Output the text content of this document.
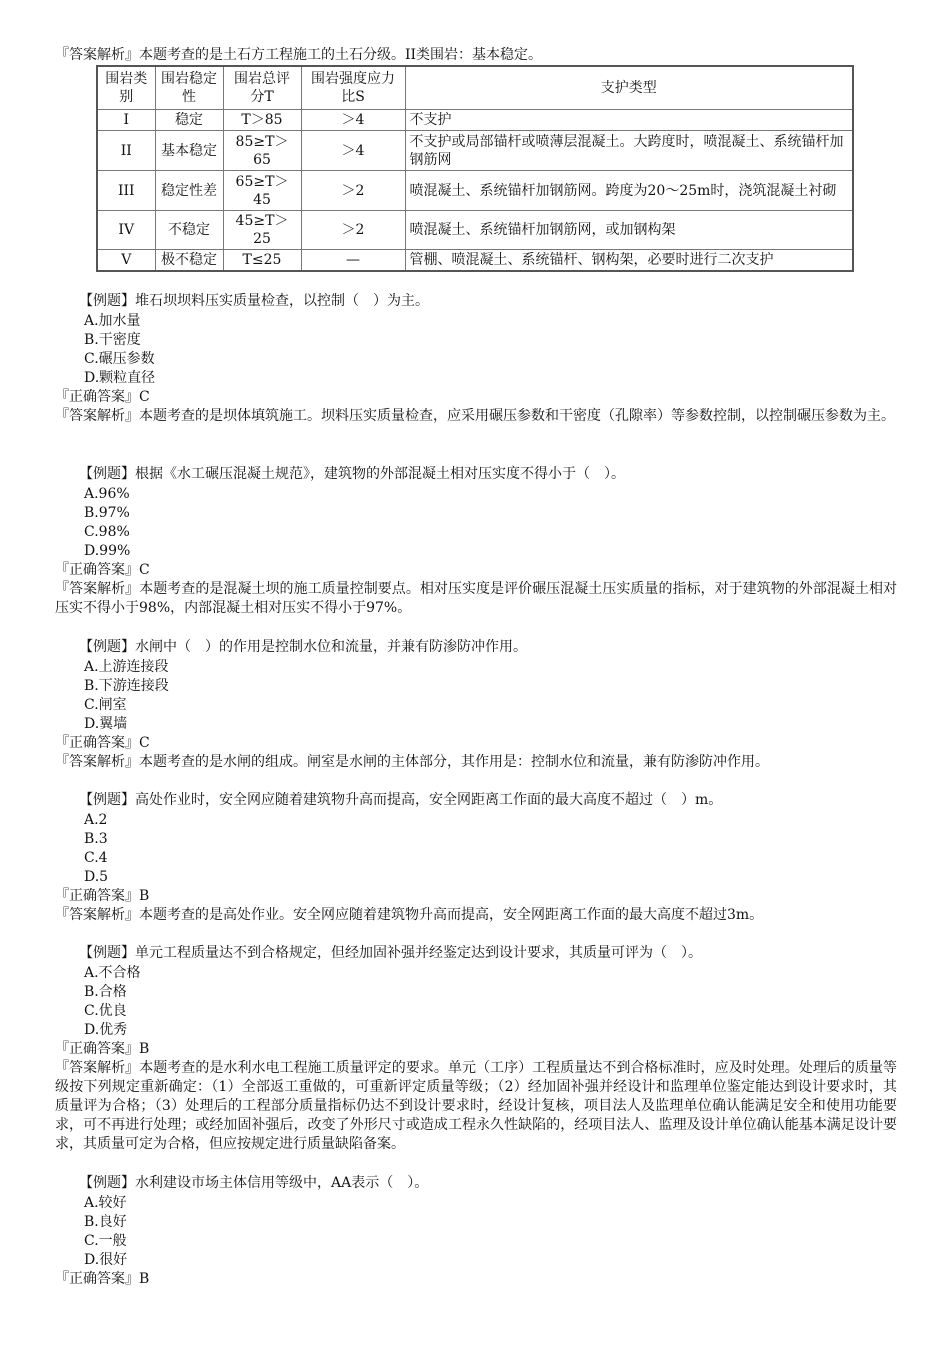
『答案解析』本题考查的是土石方工程施工的土石分级。II类围岩：基本稳定。
围岩类别	围岩稳定性	围岩总评分T	围岩强度应力比S	支护类型
I	稳定	T＞85	＞4	不支护
II	基本稳定	85≥T＞65	＞4	不支护或局部锚杆或喷薄层混凝土。大跨度时，喷混凝土、系统锚杆加钢筋网
III	稳定性差	65≥T＞45	＞2	喷混凝土、系统锚杆加钢筋网。跨度为20～25m时，浇筑混凝土衬砌
IV	不稳定	45≥T＞25	＞2	喷混凝土、系统锚杆加钢筋网，或加钢构架
V	极不稳定	T≤25	—	管棚、喷混凝土、系统锚杆、钢构架，必要时进行二次支护
【例题】堆石坝坝料压实质量检查，以控制（　）为主。
A.加水量
B.干密度
C.碾压参数
D.颗粒直径
『正确答案』C
『答案解析』本题考查的是坝体填筑施工。坝料压实质量检查，应采用碾压参数和干密度（孔隙率）等参数控制，以控制碾压参数为主。
【例题】根据《水工碾压混凝土规范》，建筑物的外部混凝土相对压实度不得小于（　）。
A.96%
B.97%
C.98%
D.99%
『正确答案』C
『答案解析』本题考查的是混凝土坝的施工质量控制要点。相对压实度是评价碾压混凝土压实质量的指标，对于建筑物的外部混凝土相对压实不得小于98%，内部混凝土相对压实不得小于97%。
【例题】水闸中（　）的作用是控制水位和流量，并兼有防渗防冲作用。
A.上游连接段
B.下游连接段
C.闸室
D.翼墙
『正确答案』C
『答案解析』本题考查的是水闸的组成。闸室是水闸的主体部分，其作用是：控制水位和流量，兼有防渗防冲作用。
【例题】高处作业时，安全网应随着建筑物升高而提高，安全网距离工作面的最大高度不超过（　）m。
A.2
B.3
C.4
D.5
『正确答案』B
『答案解析』本题考查的是高处作业。安全网应随着建筑物升高而提高，安全网距离工作面的最大高度不超过3m。
【例题】单元工程质量达不到合格规定，但经加固补强并经鉴定达到设计要求，其质量可评为（　）。
A.不合格
B.合格
C.优良
D.优秀
『正确答案』B
『答案解析』本题考查的是水利水电工程施工质量评定的要求。单元（工序）工程质量达不到合格标准时，应及时处理。处理后的质量等级按下列规定重新确定：（1）全部返工重做的，可重新评定质量等级；（2）经加固补强并经设计和监理单位鉴定能达到设计要求时，其质量评为合格；（3）处理后的工程部分质量指标仍达不到设计要求时，经设计复核，项目法人及监理单位确认能满足安全和使用功能要求，可不再进行处理；或经加固补强后，改变了外形尺寸或造成工程永久性缺陷的，经项目法人、监理及设计单位确认能基本满足设计要求，其质量可定为合格，但应按规定进行质量缺陷备案。
【例题】水利建设市场主体信用等级中，AA表示（　）。
A.较好
B.良好
C.一般
D.很好
『正确答案』B
